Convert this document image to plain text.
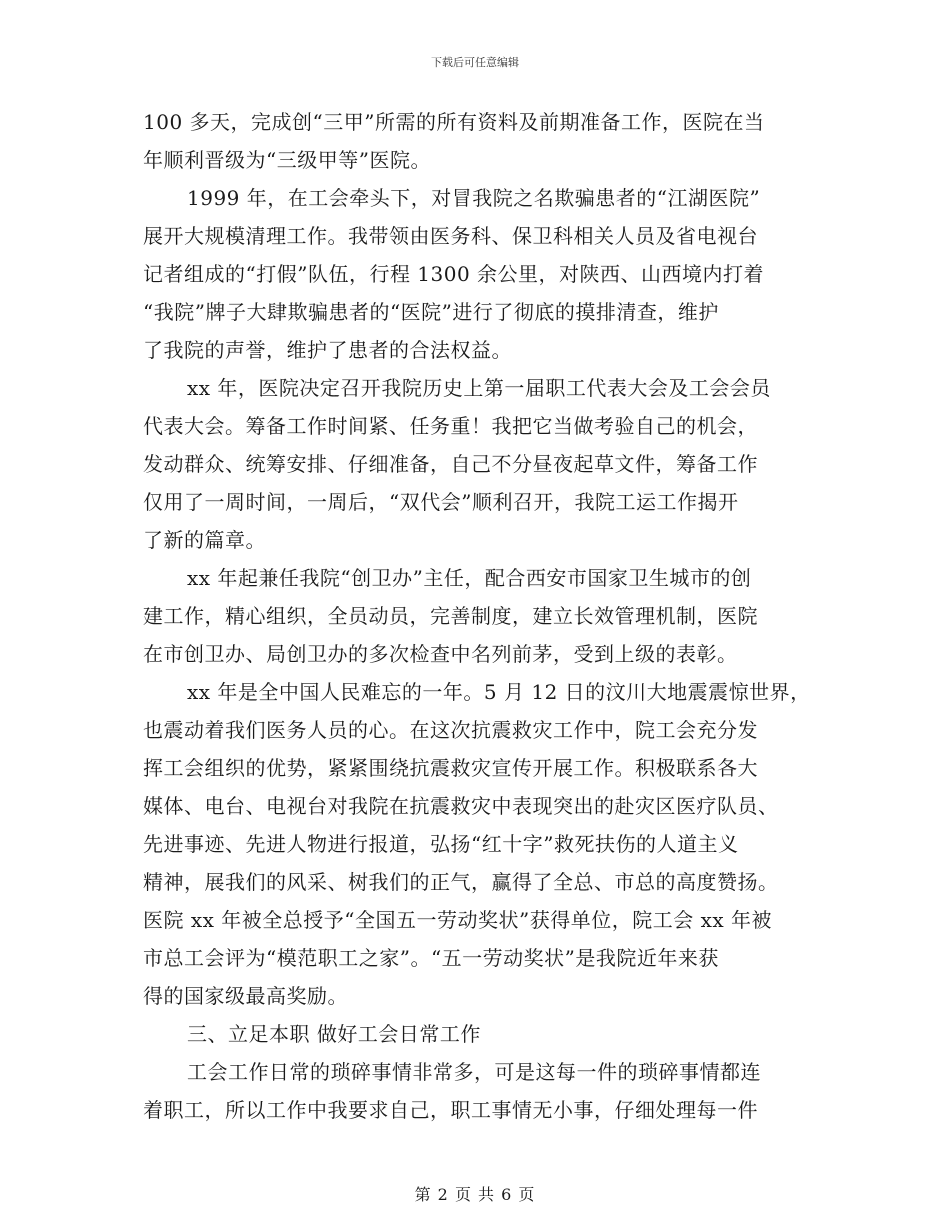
下载后可任意编辑
100 多天，完成创“三甲”所需的所有资料及前期准备工作，医院在当
年顺利晋级为“三级甲等”医院。
1999 年，在工会牵头下，对冒我院之名欺骗患者的“江湖医院”
展开大规模清理工作。我带领由医务科、保卫科相关人员及省电视台
记者组成的“打假”队伍，行程 1300 余公里，对陕西、山西境内打着
“我院”牌子大肆欺骗患者的“医院”进行了彻底的摸排清查，维护
了我院的声誉，维护了患者的合法权益。
xx 年，医院决定召开我院历史上第一届职工代表大会及工会会员
代表大会。筹备工作时间紧、任务重！我把它当做考验自己的机会，
发动群众、统筹安排、仔细准备，自己不分昼夜起草文件，筹备工作
仅用了一周时间，一周后，“双代会”顺利召开，我院工运工作揭开
了新的篇章。
xx 年起兼任我院“创卫办”主任，配合西安市国家卫生城市的创
建工作，精心组织，全员动员，完善制度，建立长效管理机制，医院
在市创卫办、局创卫办的多次检查中名列前茅，受到上级的表彰。
xx 年是全中国人民难忘的一年。5 月 12 日的汶川大地震震惊世界，
也震动着我们医务人员的心。在这次抗震救灾工作中，院工会充分发
挥工会组织的优势，紧紧围绕抗震救灾宣传开展工作。积极联系各大
媒体、电台、电视台对我院在抗震救灾中表现突出的赴灾区医疗队员、
先进事迹、先进人物进行报道，弘扬“红十字”救死扶伤的人道主义
精神，展我们的风采、树我们的正气，赢得了全总、市总的高度赞扬。
医院 xx 年被全总授予“全国五一劳动奖状”获得单位，院工会 xx 年被
市总工会评为“模范职工之家”。“五一劳动奖状”是我院近年来获
得的国家级最高奖励。
三、立足本职 做好工会日常工作
工会工作日常的琐碎事情非常多，可是这每一件的琐碎事情都连
着职工，所以工作中我要求自己，职工事情无小事，仔细处理每一件
第 2 页 共 6 页
